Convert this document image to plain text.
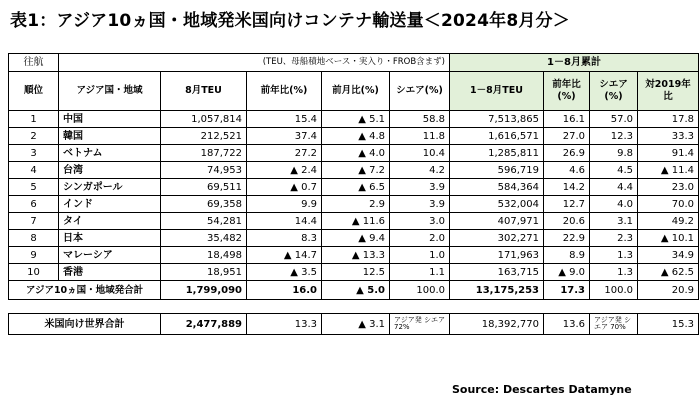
表1：アジア10ヵ国・地域発米国向けコンテナ輸送量＜2024年8月分＞
往航	(TEU、母船積地ベース・実入り・FROB含まず)					1－8月累計			
順位	アジア国・地域	8月TEU	前年比(%)	前月比(%)	シエア(%)	1－8月TEU	前年比(%)	シエア(%)	対2019年比
1	中国	1,057,814	15.4	▲ 5.1	58.8	7,513,865	16.1	57.0	17.8
2	韓国	212,521	37.4	▲ 4.8	11.8	1,616,571	27.0	12.3	33.3
3	ベトナム	187,722	27.2	▲ 4.0	10.4	1,285,811	26.9	9.8	91.4
4	台湾	74,953	▲ 2.4	▲ 7.2	4.2	596,719	4.6	4.5	▲ 11.4
5	シンガポール	69,511	▲ 0.7	▲ 6.5	3.9	584,364	14.2	4.4	23.0
6	インド	69,358	9.9	2.9	3.9	532,004	12.7	4.0	70.0
7	タイ	54,281	14.4	▲ 11.6	3.0	407,971	20.6	3.1	49.2
8	日本	35,482	8.3	▲ 9.4	2.0	302,271	22.9	2.3	▲ 10.1
9	マレーシア	18,498	▲ 14.7	▲ 13.3	1.0	171,963	8.9	1.3	34.9
10	香港	18,951	▲ 3.5	12.5	1.1	163,715	▲ 9.0	1.3	▲ 62.5
アジア10ヵ国・地域発合計		1,799,090	16.0	▲ 5.0	100.0	13,175,253	17.3	100.0	20.9

米国向け世界合計		2,477,889	13.3	▲ 3.1	アジア発 シエア 72%	18,392,770	13.6	アジア発 シエア 70%	15.3
Source: Descartes Datamyne
